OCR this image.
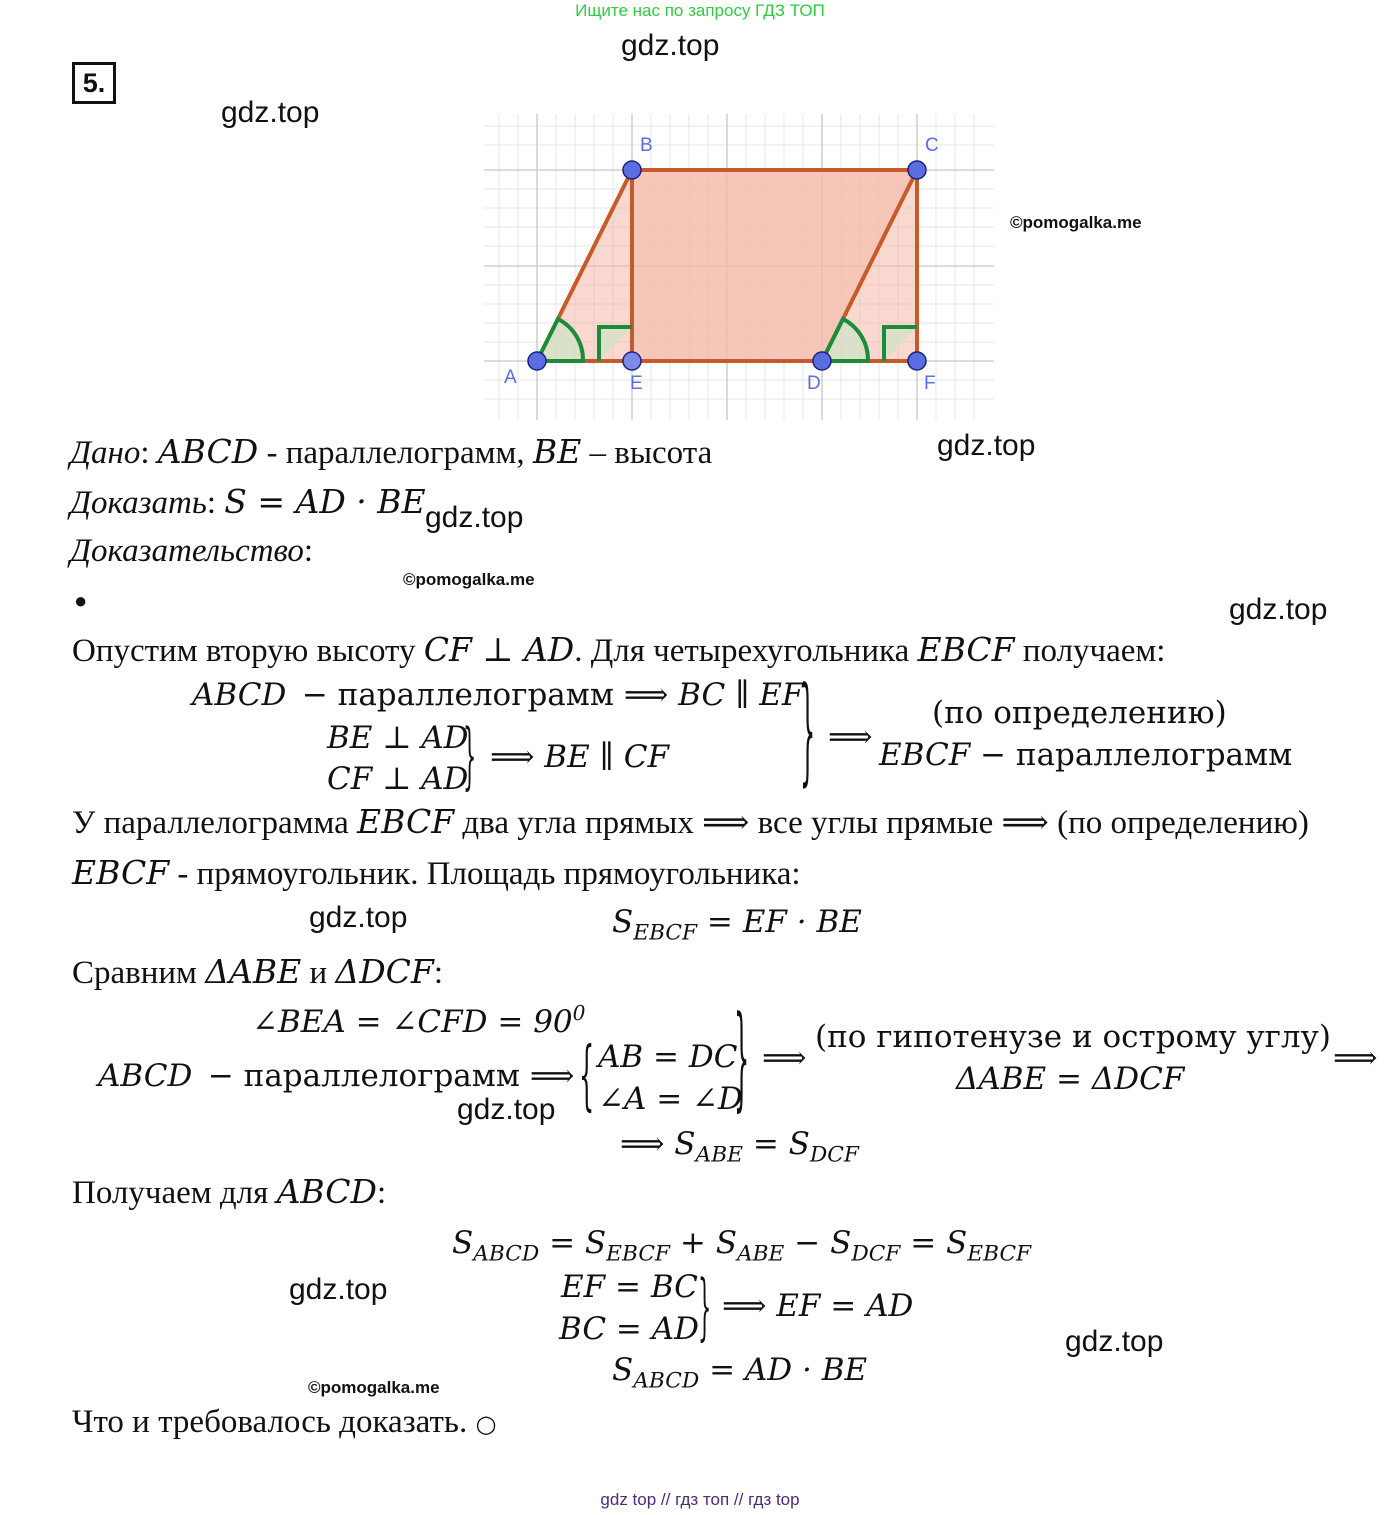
Ищите нас по запросу ГДЗ ТОП
5.
gdz.top
gdz.top
©pomogalka.me
gdz.top
gdz.top
©pomogalka.me
gdz.top
gdz.top
gdz.top
gdz.top
gdz.top
©pomogalka.me
A
B	C
D
E	F
Дано: ABCD - параллелограмм, BE – высота
Доказать: S = AD · BE
Доказательство:
●
Опустим вторую высоту CF ⊥ AD. Для четырехугольника EBCF получаем:
ABCD − параллелограмм ⟹ BC ∥ EF
BE ⊥ AD
CF ⊥ AD
} ⟹ BE ∥ CF	} ⟹
(по определению)
EBCF − параллелограмм
У параллелограмма EBCF два угла прямых ⟹ все углы прямые ⟹ (по определению)
EBCF - прямоугольник. Площадь прямоугольника:
$S_{EBCF}$ = EF · BE
Сравним ΔABE и ΔDCF:
∠BEA = ∠CFD = $90^0$
ABCD − параллелограмм ⟹ { AB = DC
∠A = ∠D
} ⟹
(по гипотенузе и острому углу)
⟹
ΔABE = ΔDCF
⟹ $S_{ABE} = S_{DCF}$
Получаем для ABCD:
$S_{ABCD} = S_{EBCF} + S_{ABE} - S_{DCF} = S_{EBCF}$
EF = BC
BC = AD } ⟹ EF = AD
$S_{ABCD}$ = AD · BE
Что и требовалось доказать. ○
gdz top // гдз топ // гдз top
